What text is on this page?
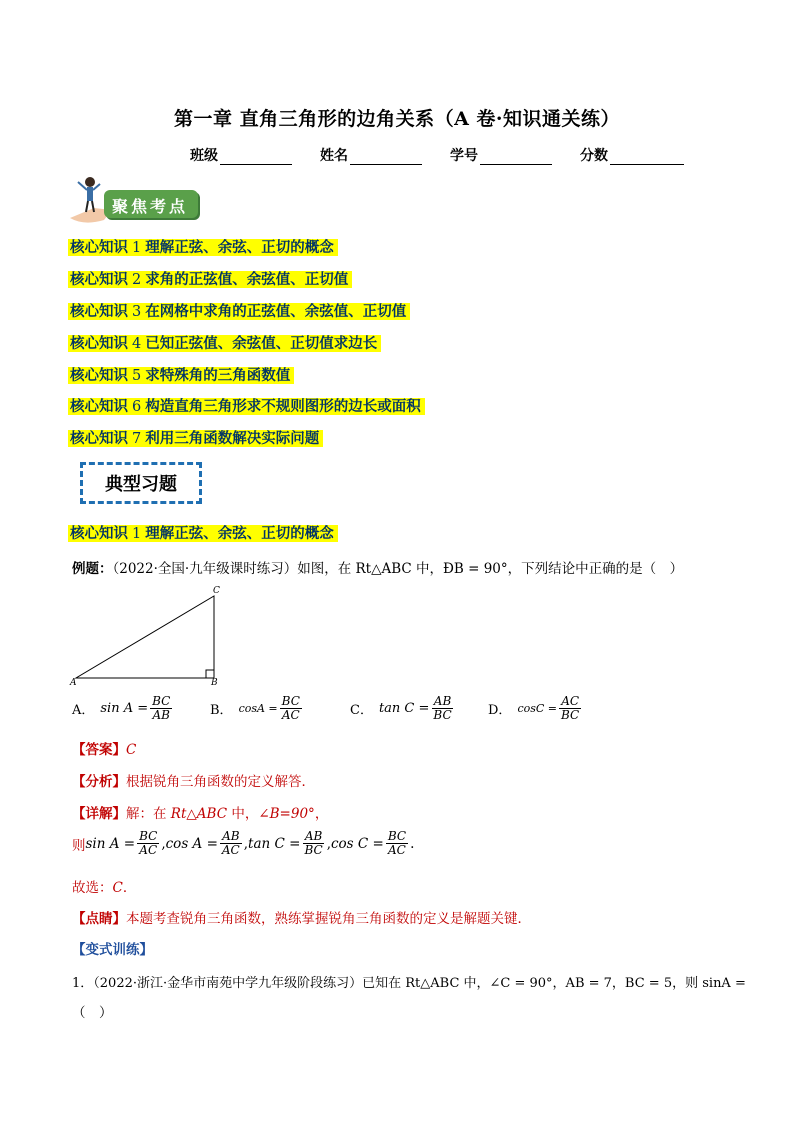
第一章 直角三角形的边角关系（A 卷·知识通关练）
班级	姓名	学号	分数
聚焦考点
核心知识 1 理解正弦、余弦、正切的概念
核心知识 2 求角的正弦值、余弦值、正切值
核心知识 3 在网格中求角的正弦值、余弦值、正切值
核心知识 4 已知正弦值、余弦值、正切值求边长
核心知识 5 求特殊角的三角函数值
核心知识 6 构造直角三角形求不规则图形的边长或面积
核心知识 7 利用三角函数解决实际问题
典型习题
核心知识 1 理解正弦、余弦、正切的概念
例题：（2022·全国·九年级课时练习）如图，在 Rt△ABC 中，ÐB = 90°，下列结论中正确的是（　）
A	B
C
A． $\sin A = \frac{BC}{AB}$	B． $\cos A = \frac{BC}{AC}$	C． $\tan C = \frac{AB}{BC}$	D． $\cos C = \frac{AC}{BC}$
【答案】C
【分析】根据锐角三角函数的定义解答．
【详解】解：在 Rt△ABC 中，∠B=90°，
则 $\sin A = \frac{BC}{AC}$ , $\cos A = \frac{AB}{AC}$ , $\tan C = \frac{AB}{BC}$ , $\cos C = \frac{BC}{AC}$ .
故选：C．
【点睛】本题考查锐角三角函数，熟练掌握锐角三角函数的定义是解题关键．
【变式训练】
1．（2022·浙江·金华市南苑中学九年级阶段练习）已知在 Rt△ABC 中，∠C = 90°，AB = 7，BC = 5，则 sinA =
（　）
